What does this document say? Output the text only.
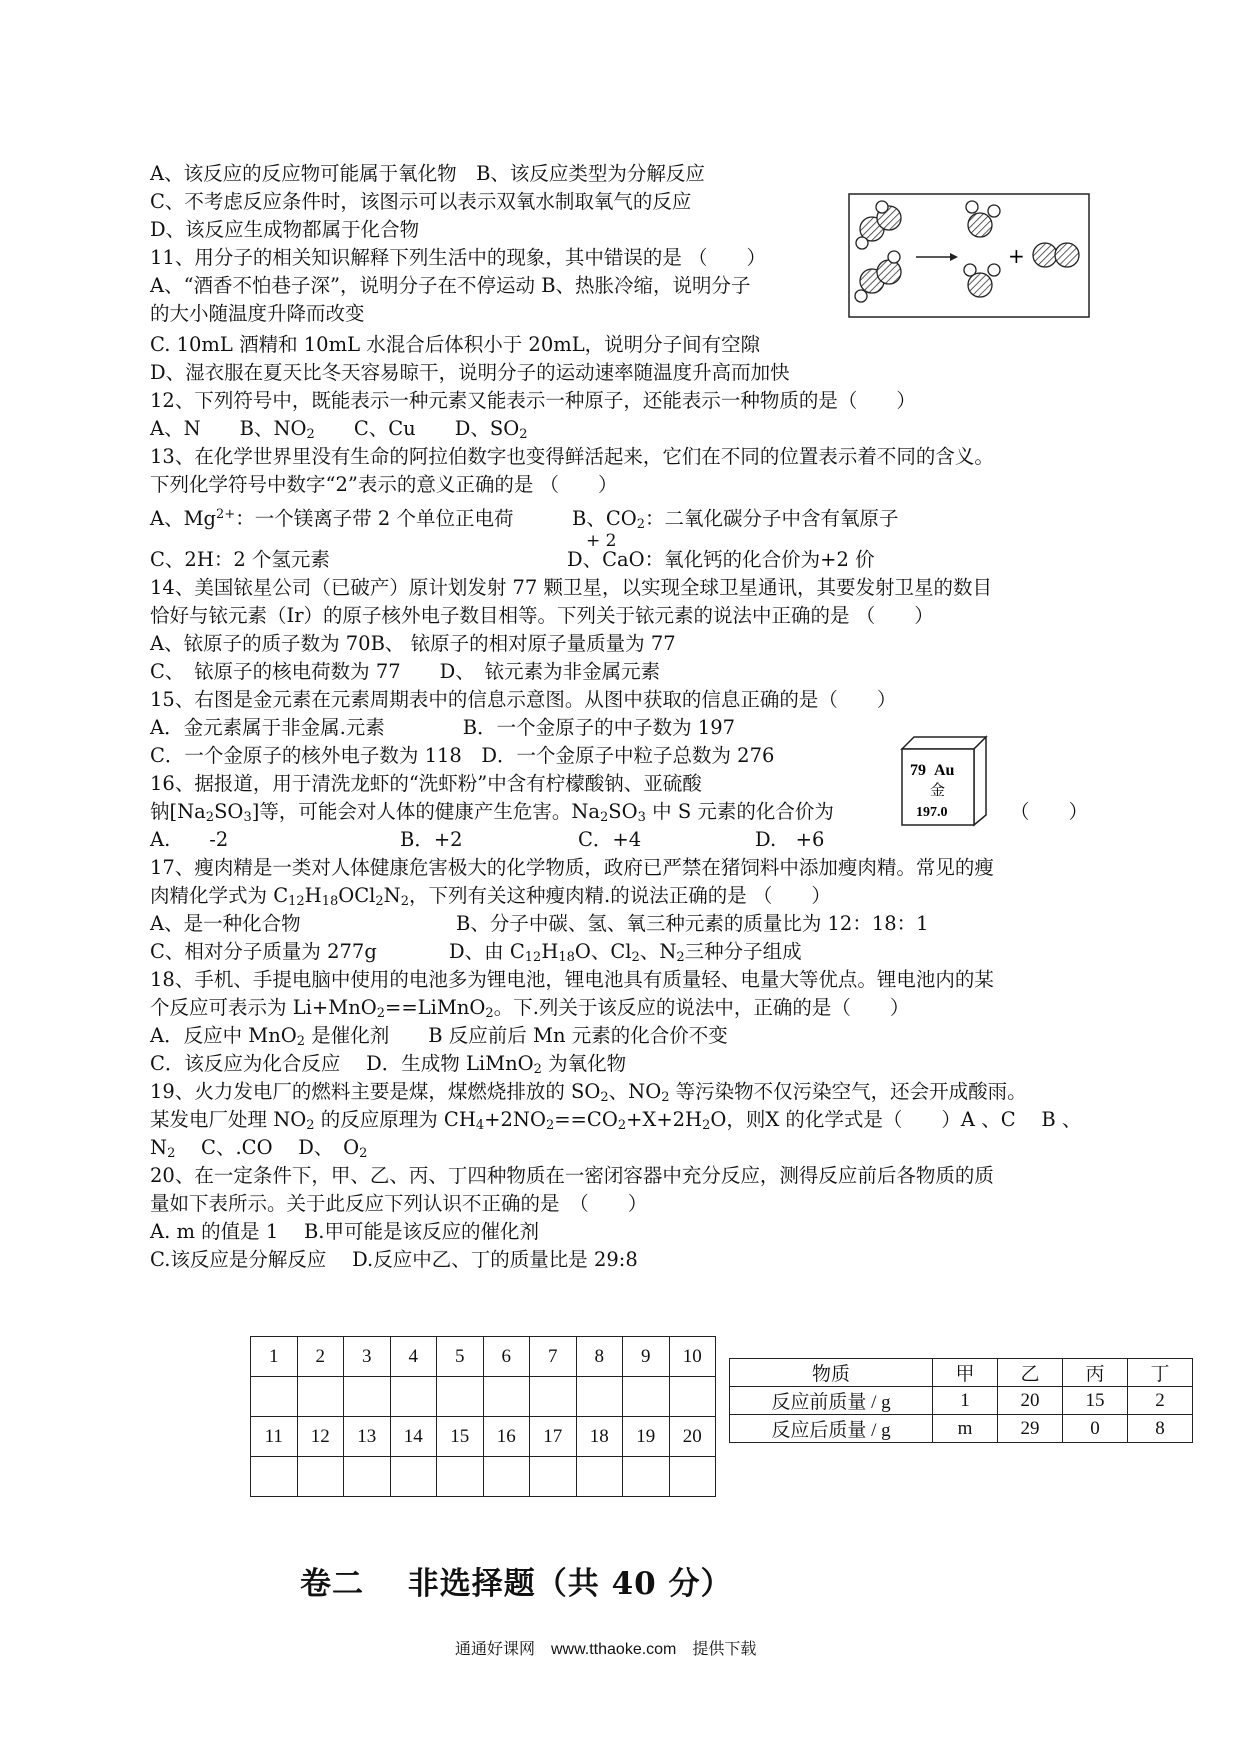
A、该反应的反应物可能属于氧化物　B、该反应类型为分解反应
C、不考虑反应条件时，该图示可以表示双氧水制取氧气的反应
D、该反应生成物都属于化合物
11、用分子的相关知识解释下列生活中的现象，其中错误的是 （　　）
A、“酒香不怕巷子深”，说明分子在不停运动 B、热胀冷缩，说明分子
的大小随温度升降而改变
C. 10mL 酒精和 10mL 水混合后体积小于 20mL，说明分子间有空隙
D、湿衣服在夏天比冬天容易晾干，说明分子的运动速率随温度升高而加快
12、下列符号中，既能表示一种元素又能表示一种原子，还能表示一种物质的是（　　）
A、N　　B、$NO_2$　　C、Cu　　D、$SO_2$
13、在化学世界里没有生命的阿拉伯数字也变得鲜活起来，它们在不同的位置表示着不同的含义。
下列化学符号中数字“2”表示的意义正确的是 （　　）
A、$Mg^{2+}$：一个镁离子带 2 个单位正电荷　　　B、$CO_2$：二氧化碳分子中含有氧原子
+ 2
C、2H：2 个氢元素	D、CaO：氧化钙的化合价为+2 价
14、美国铱星公司（已破产）原计划发射 77 颗卫星，以实现全球卫星通讯，其要发射卫星的数目
恰好与铱元素（Ir）的原子核外电子数目相等。下列关于铱元素的说法中正确的是 （　　）
A、铱原子的质子数为 70B、 铱原子的相对原子量质量为 77
C、　铱原子的核电荷数为 77　　D、　铱元素为非金属元素
15、右图是金元素在元素周期表中的信息示意图。从图中获取的信息正确的是（　　）
A．金元素属于非金属.元素　　　　B．一个金原子的中子数为 197
C．一个金原子的核外电子数为 118　D．一个金原子中粒子总数为 276
16、据报道，用于清洗龙虾的“洗虾粉”中含有柠檬酸钠、亚硫酸
钠$[Na_2SO_3]$等，可能会对人体的健康产生危害。$Na_2SO_3$ 中 S 元素的化合价为	（　　）
A.　　-2	B．+2	C．+4	D.　+6
17、瘦肉精是一类对人体健康危害极大的化学物质，政府已严禁在猪饲料中添加瘦肉精。常见的瘦
肉精化学式为 $C_{12}H_{18}OCl_2N_2$，下列有关这种瘦肉精.的说法正确的是 （　　）
A、是一种化合物	B、分子中碳、氢、氧三种元素的质量比为 12：18：1
C、相对分子质量为 277g	D、由 $C_{12}H_{18}O$、$Cl_2$、$N_2$三种分子组成
18、手机、手提电脑中使用的电池多为锂电池，锂电池具有质量轻、电量大等优点。锂电池内的某
个反应可表示为 Li+MnO$_2$==LiMnO$_2$。下.列关于该反应的说法中，正确的是（　　）
A．反应中 MnO$_2$ 是催化剂　　B 反应前后 Mn 元素的化合价不变
C．该反应为化合反应　 D．生成物 LiMnO$_2$ 为氧化物
19、火力发电厂的燃料主要是煤，煤燃烧排放的 $SO_2$、$NO_2$ 等污染物不仅污染空气，还会开成酸雨。
某发电厂处理 $NO_2$ 的反应原理为 $CH_4+2NO_2==CO_2+X+2H_2O$，则X 的化学式是（　　）A 、C　 B 、
$N_2$　 C、.CO　 D、　$O_2$
20、在一定条件下，甲、乙、丙、丁四种物质在一密闭容器中充分反应，测得反应前后各物质的质
量如下表所示。关于此反应下列认识不正确的是　（　　）
A. m 的值是 1　 B.甲可能是该反应的催化剂
C.该反应是分解反应　 D.反应中乙、丁的质量比是 29:8
+
79 Au
金
197.0
1	2	3	4	5	6	7	8	9	10

11	12	13	14	15	16	17	18	19	20

物质	甲	乙	丙	丁
反应前质量 / g	1	20	15	2
反应后质量 / g	m	29	0	8
卷二　 非选择题（共 40 分）
通通好课网　www.tthaoke.com　提供下载
